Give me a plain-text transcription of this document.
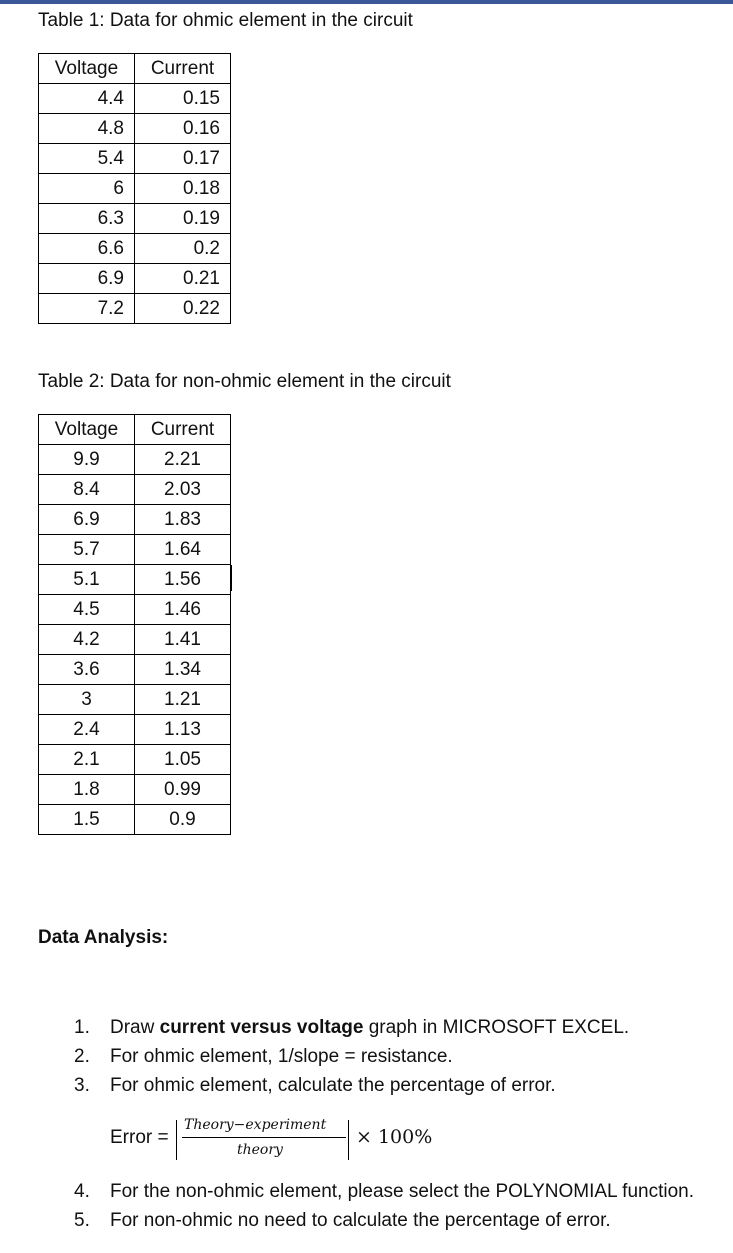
Table 1: Data for ohmic element in the circuit
Voltage	Current
4.4	0.15
4.8	0.16
5.4	0.17
6	0.18
6.3	0.19
6.6	0.2
6.9	0.21
7.2	0.22
Table 2: Data for non-ohmic element in the circuit
Voltage	Current
9.9	2.21
8.4	2.03
6.9	1.83
5.7	1.64
5.1	1.56
4.5	1.46
4.2	1.41
3.6	1.34
3	1.21
2.4	1.13
2.1	1.05
1.8	0.99
1.5	0.9
Data Analysis:
1. Draw current versus voltage graph in MICROSOFT EXCEL.
2. For ohmic element, 1/slope = resistance.
3. For ohmic element, calculate the percentage of error.
Error =
Theory−experiment
theory
× 100%
4. For the non-ohmic element, please select the POLYNOMIAL function.
5. For non-ohmic no need to calculate the percentage of error.
